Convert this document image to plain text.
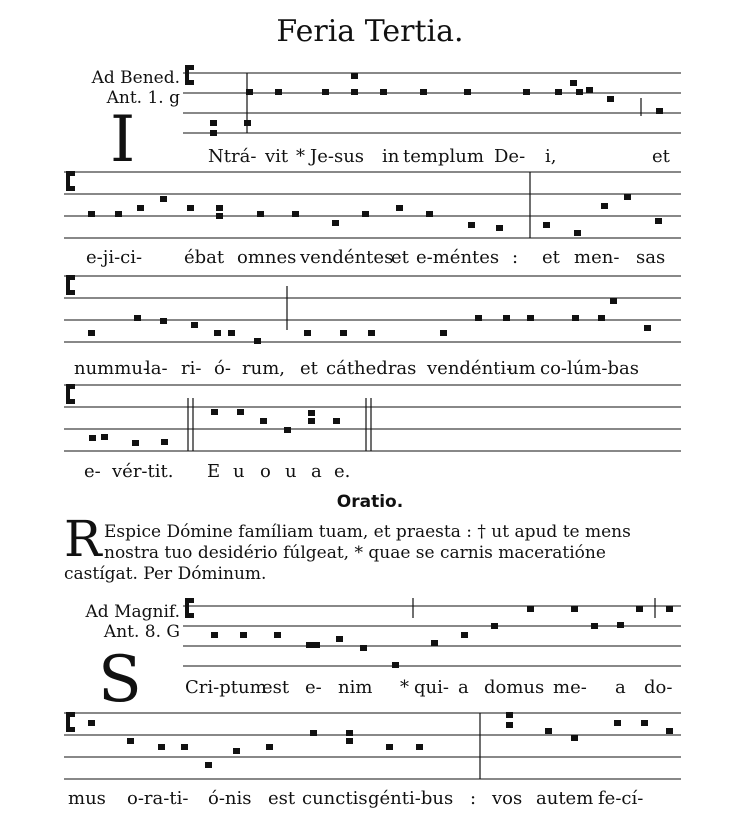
Feria Tertia.
Ad Bened.
Ant. 1. g
I	Ntrá- vit * Je-sus in templum De- i,	et
e-ji-ci- ébat omnes vendéntes
et e-méntes : et men- sas
nummu-
la- ri- ó- rum, et cáthedras vendénti-
um co-lúm-bas
e- vér-tit. E u o u a e.
Oratio.
R Espice Dómine famíliam tuam, et praesta : † ut apud te mens
nostra tuo desidério fúlgeat, * quae se carnis maceratióne
castígat. Per Dóminum.
Ad Magnif.
Ant. 8. G
S Cri-ptum
est e- nim * qui- a domus me- a do-
mus o-ra-ti- ó-nis est cunctis génti-bus : vos autem fe-cí-
